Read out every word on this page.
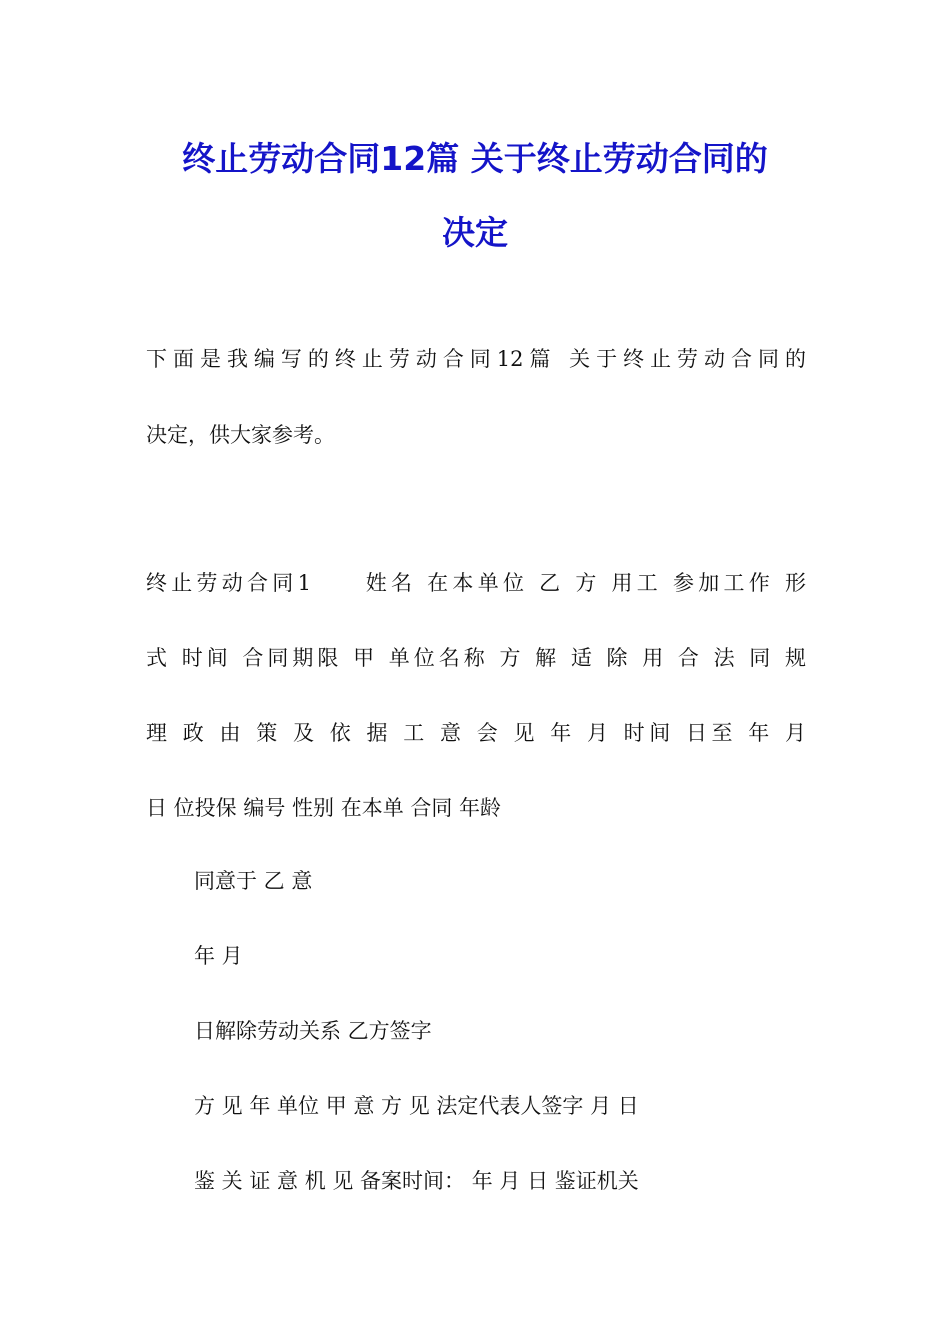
终止劳动合同12篇 关于终止劳动合同的
决定

下面是我编写的终止劳动合同12篇 关于终止劳动合同的

决定，供大家参考。

终止劳动合同1　　姓名 在本单位 乙 方 用工 参加工作 形

式 时间 合同期限 甲 单位名称 方 解 适 除 用 合 法 同 规

理 政 由 策 及 依 据 工 意 会 见 年 月 时间 日至 年 月

日 位投保 编号 性别 在本单 合同 年龄

同意于 乙 意

年 月

日解除劳动关系 乙方签字

方 见 年 单位 甲 意 方 见 法定代表人签字 月 日

鉴 关 证 意 机 见 备案时间： 年 月 日 鉴证机关
